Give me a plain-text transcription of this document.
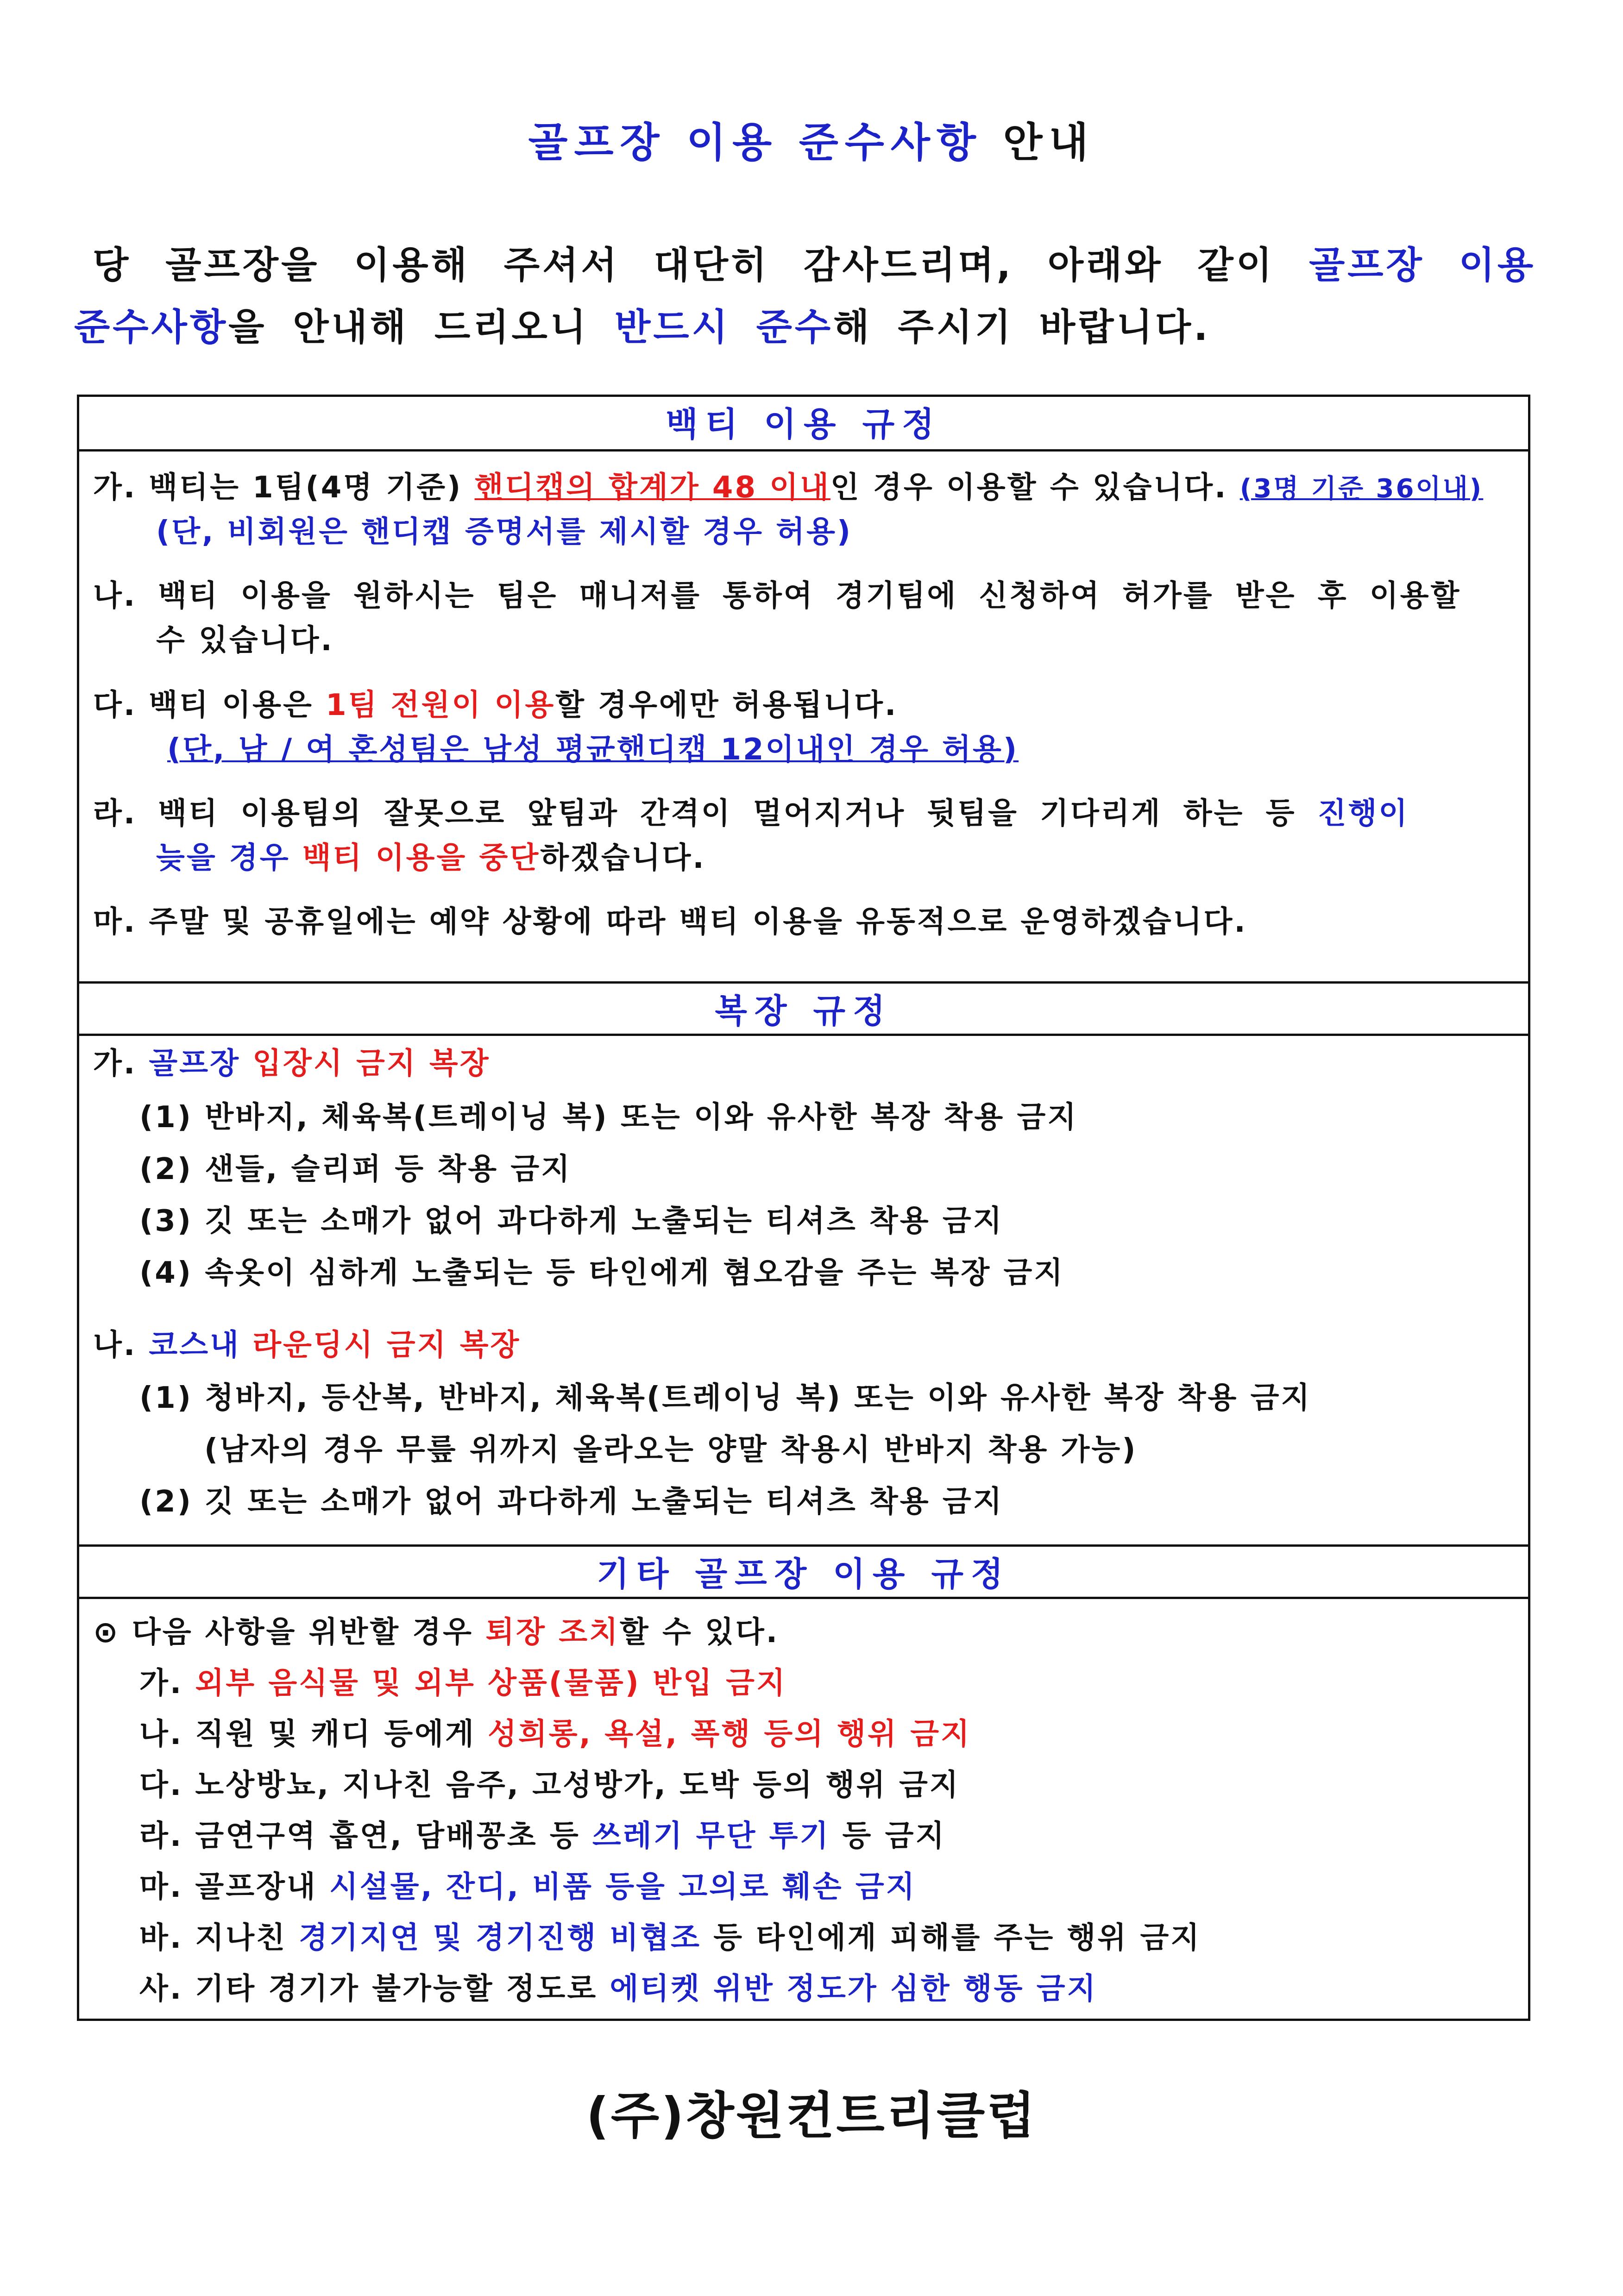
골프장 이용 준수사항 안내
당 골프장을 이용해 주셔서 대단히 감사드리며, 아래와 같이 골프장 이용
준수사항을 안내해 드리오니 반드시 준수해 주시기 바랍니다.
백티 이용 규정
가. 백티는 1팀(4명 기준) 핸디캡의 합계가 48 이내인 경우 이용할 수 있습니다. (3명 기준 36이내)
(단, 비회원은 핸디캡 증명서를 제시할 경우 허용)
나. 백티 이용을 원하시는 팀은 매니저를 통하여 경기팀에 신청하여 허가를 받은 후 이용할
수 있습니다.
다. 백티 이용은 1팀 전원이 이용할 경우에만 허용됩니다.
(단, 남 / 여 혼성팀은 남성 평균핸디캡 12이내인 경우 허용)
라. 백티 이용팀의 잘못으로 앞팀과 간격이 멀어지거나 뒷팀을 기다리게 하는 등 진행이
늦을 경우 백티 이용을 중단하겠습니다.
마. 주말 및 공휴일에는 예약 상황에 따라 백티 이용을 유동적으로 운영하겠습니다.
복장 규정
가. 골프장 입장시 금지 복장
(1) 반바지, 체육복(트레이닝 복) 또는 이와 유사한 복장 착용 금지
(2) 샌들, 슬리퍼 등 착용 금지
(3) 깃 또는 소매가 없어 과다하게 노출되는 티셔츠 착용 금지
(4) 속옷이 심하게 노출되는 등 타인에게 혐오감을 주는 복장 금지
나. 코스내 라운딩시 금지 복장
(1) 청바지, 등산복, 반바지, 체육복(트레이닝 복) 또는 이와 유사한 복장 착용 금지
(남자의 경우 무릎 위까지 올라오는 양말 착용시 반바지 착용 가능)
(2) 깃 또는 소매가 없어 과다하게 노출되는 티셔츠 착용 금지
기타 골프장 이용 규정
⊙ 다음 사항을 위반할 경우 퇴장 조치할 수 있다.
가. 외부 음식물 및 외부 상품(물품) 반입 금지
나. 직원 및 캐디 등에게 성희롱, 욕설, 폭행 등의 행위 금지
다. 노상방뇨, 지나친 음주, 고성방가, 도박 등의 행위 금지
라. 금연구역 흡연, 담배꽁초 등 쓰레기 무단 투기 등 금지
마. 골프장내 시설물, 잔디, 비품 등을 고의로 훼손 금지
바. 지나친 경기지연 및 경기진행 비협조 등 타인에게 피해를 주는 행위 금지
사. 기타 경기가 불가능할 정도로 에티켓 위반 정도가 심한 행동 금지
(주)창원컨트리클럽
